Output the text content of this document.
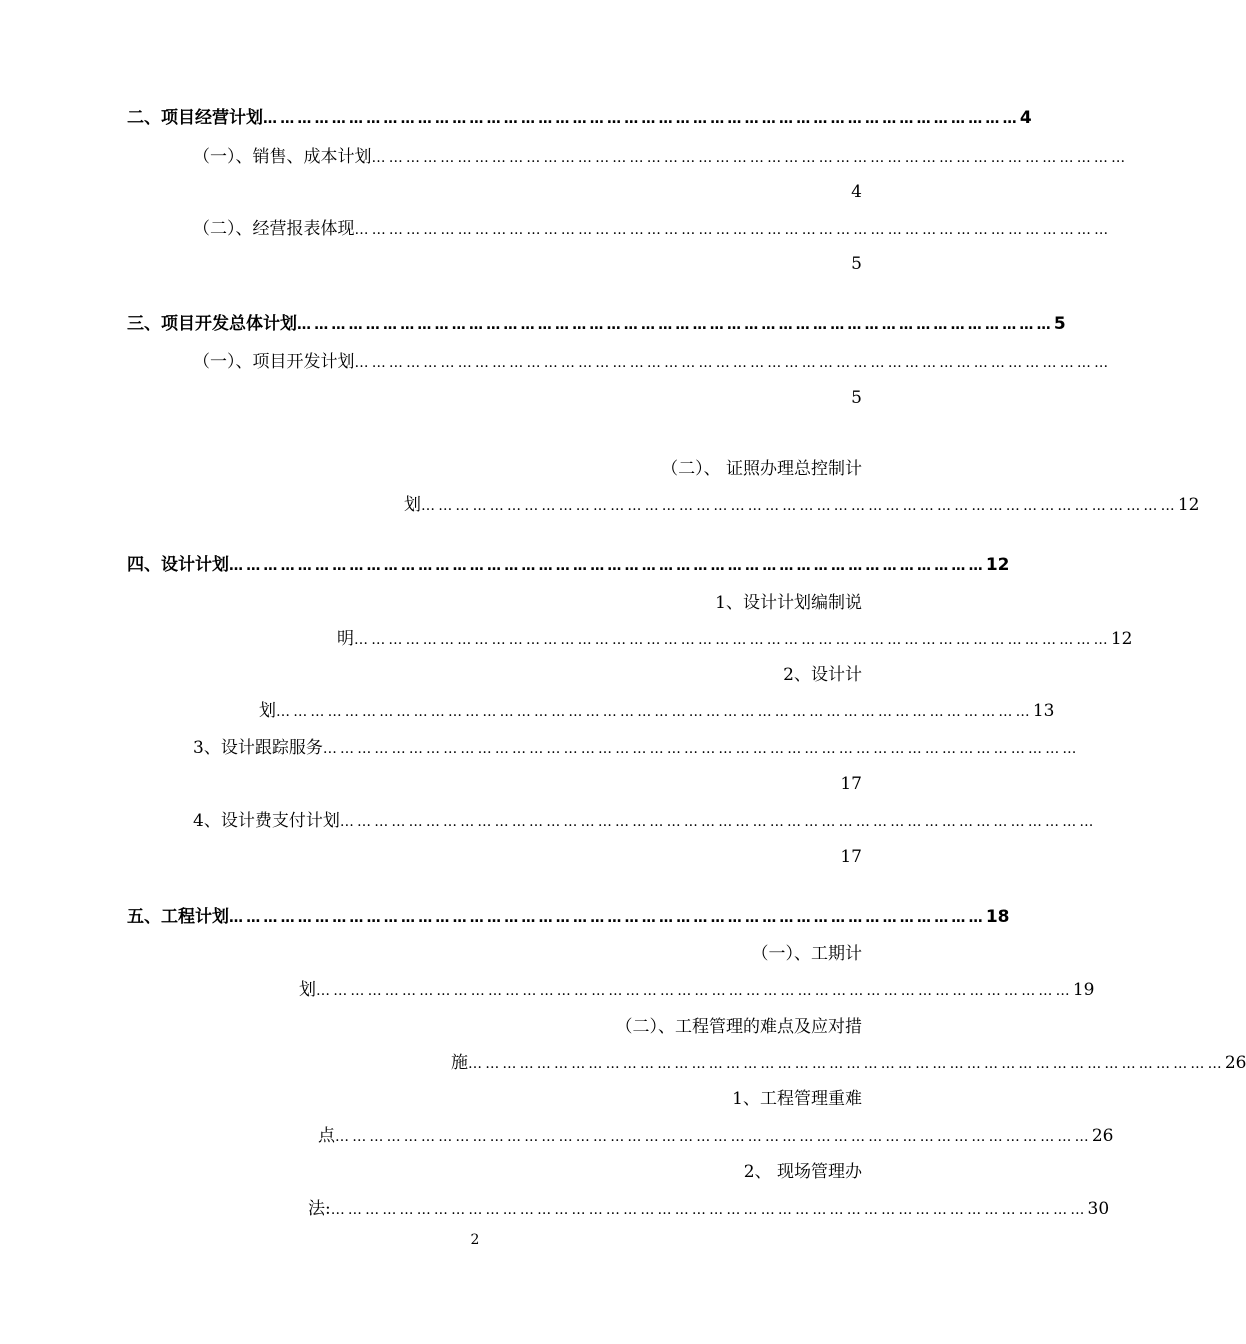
二、 项目经营计划 …………………………………………………………………………………………………………………… 4
（一）、 销售、成本计划 ……………………………………………………………………………………………………………………
4
（二）、 经营报表体现 ……………………………………………………………………………………………………………………
5
三、 项目开发总体计划 …………………………………………………………………………………………………………………… 5
（一）、 项目开发计划 ……………………………………………………………………………………………………………………
5
（二）、 证照办理总控制计
划 …………………………………………………………………………………………………………………… 12
四、 设计计划 …………………………………………………………………………………………………………………… 12
1、设计计划编制说
明 …………………………………………………………………………………………………………………… 12
2、设计计
划 …………………………………………………………………………………………………………………… 13
3、设计跟踪服务 ……………………………………………………………………………………………………………………
17
4、设计费支付计划 ……………………………………………………………………………………………………………………
17
五、 工程计划 …………………………………………………………………………………………………………………… 18
（一）、工期计
划 …………………………………………………………………………………………………………………… 19
（二）、工程管理的难点及应对措
施 …………………………………………………………………………………………………………………… 26
1、工程管理重难
点 …………………………………………………………………………………………………………………… 26
2、 现场管理办
法: …………………………………………………………………………………………………………………… 30
2
